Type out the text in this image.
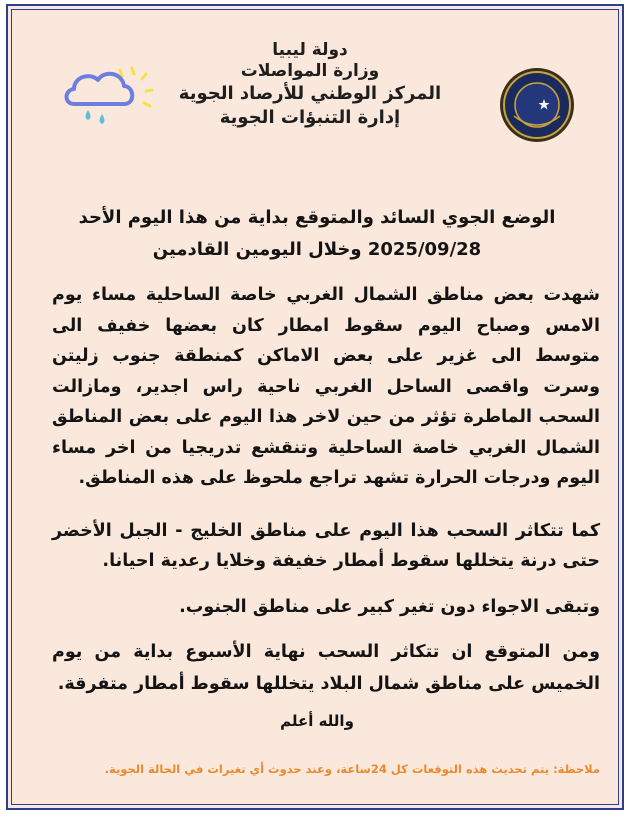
دولة ليبيا
وزارة المواصلات
المركز الوطني للأرصاد الجوية
إدارة التنبؤات الجوية
الوضع الجوي السائد والمتوقع بداية من هذا اليوم الأحد
2025/09/28 وخلال اليومين القادمين
شهدت بعض مناطق الشمال الغربي خاصة الساحلية مساء يوم الامس وصباح اليوم سقوط امطار كان بعضها خفيف الى متوسط الى غزير على بعض الاماكن كمنطقة جنوب زليتن وسرت واقصى الساحل الغربي ناحية راس اجدير، ومازالت السحب الماطرة تؤثر من حين لاخر هذا اليوم على بعض المناطق الشمال الغربي خاصة الساحلية وتنقشع تدريجيا من اخر مساء اليوم ودرجات الحرارة تشهد تراجع ملحوظ على هذه المناطق.
كما تتكاثر السحب هذا اليوم على مناطق الخليج - الجبل الأخضر حتى درنة يتخللها سقوط أمطار خفيفة وخلايا رعدية احيانا.
وتبقى الاجواء دون تغير كبير على مناطق الجنوب.
ومن المتوقع ان تتكاثر السحب نهاية الأسبوع بداية من يوم الخميس على مناطق شمال البلاد يتخللها سقوط أمطار متفرقة.
والله أعلم
ملاحظة: يتم تحديث هذه التوقعات كل 24ساعة، وعند حدوث أي تغيرات في الحالة الجوية.
